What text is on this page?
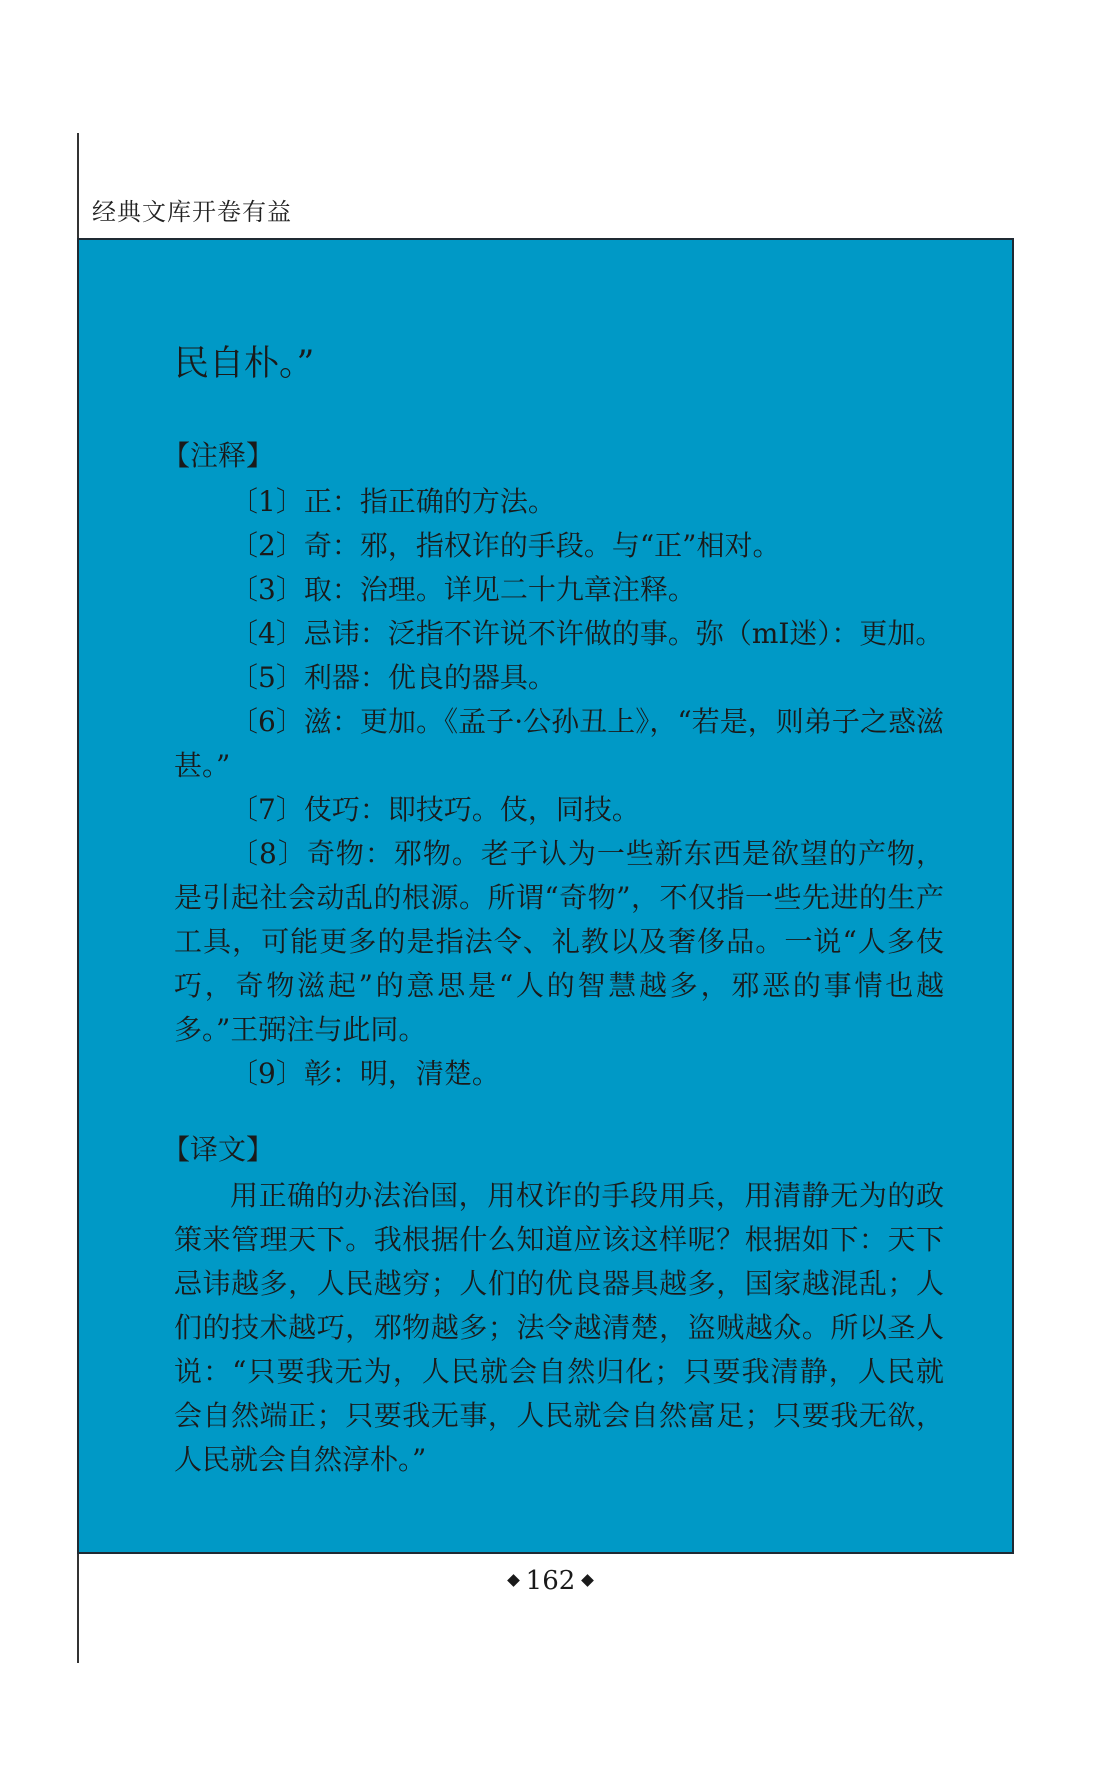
经典文库开卷有益
民自朴。”
【注释】
〔1〕正：指正确的方法。
〔2〕奇：邪，指权诈的手段。与“正”相对。
〔3〕取：治理。详见二十九章注释。
〔4〕忌讳：泛指不许说不许做的事。弥（mI迷）：更加。
〔5〕利器：优良的器具。
〔6〕滋：更加。《孟子·公孙丑上》，“若是，则弟子之惑滋甚。”
〔7〕伎巧：即技巧。伎，同技。
〔8〕奇物：邪物。老子认为一些新东西是欲望的产物，是引起社会动乱的根源。所谓“奇物”，不仅指一些先进的生产工具，可能更多的是指法令、礼教以及奢侈品。一说“人多伎巧，奇物滋起”的意思是“人的智慧越多，邪恶的事情也越多。”王弼注与此同。
〔9〕彰：明，清楚。
【译文】

用正确的办法治国，用权诈的手段用兵，用清静无为的政策来管理天下。我根据什么知道应该这样呢？根据如下：天下忌讳越多，人民越穷；人们的优良器具越多，国家越混乱；人们的技术越巧，邪物越多；法令越清楚，盗贼越众。所以圣人说：“只要我无为，人民就会自然归化；只要我清静，人民就会自然端正；只要我无事，人民就会自然富足；只要我无欲，人民就会自然淳朴。”

162
